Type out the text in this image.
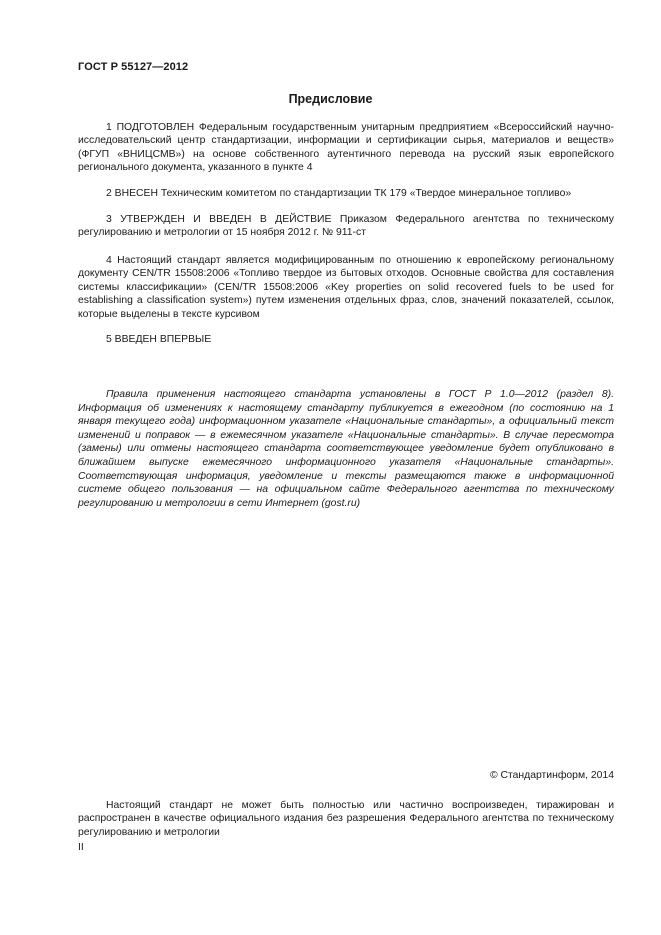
ГОСТ Р 55127—2012
Предисловие
1 ПОДГОТОВЛЕН Федеральным государственным унитарным предприятием «Всероссийский научно-исследовательский центр стандартизации, информации и сертификации сырья, материалов и веществ» (ФГУП «ВНИЦСМВ») на основе собственного аутентичного перевода на русский язык европейского регионального документа, указанного в пункте 4
2 ВНЕСЕН Техническим комитетом по стандартизации ТК 179 «Твердое минеральное топливо»
3 УТВЕРЖДЕН И ВВЕДЕН В ДЕЙСТВИЕ Приказом Федерального агентства по техническому регулированию и метрологии от 15 ноября 2012 г. № 911-ст
4 Настоящий стандарт является модифицированным по отношению к европейскому региональному документу CEN/TR 15508:2006 «Топливо твердое из бытовых отходов. Основные свойства для составления системы классификации» (CEN/TR 15508:2006 «Key properties on solid recovered fuels to be used for establishing a classification system») путем изменения отдельных фраз, слов, значений показателей, ссылок, которые выделены в тексте курсивом
5 ВВЕДЕН ВПЕРВЫЕ
Правила применения настоящего стандарта установлены в ГОСТ Р 1.0—2012 (раздел 8). Информация об изменениях к настоящему стандарту публикуется в ежегодном (по состоянию на 1 января текущего года) информационном указателе «Национальные стандарты», а официальный текст изменений и поправок — в ежемесячном указателе «Национальные стандарты». В случае пересмотра (замены) или отмены настоящего стандарта соответствующее уведомление будет опубликовано в ближайшем выпуске ежемесячного информационного указателя «Национальные стандарты». Соответствующая информация, уведомление и тексты размещаются также в информационной системе общего пользования — на официальном сайте Федерального агентства по техническому регулированию и метрологии в сети Интернет (gost.ru)
© Стандартинформ, 2014
Настоящий стандарт не может быть полностью или частично воспроизведен, тиражирован и распространен в качестве официального издания без разрешения Федерального агентства по техническому регулированию и метрологии
II
